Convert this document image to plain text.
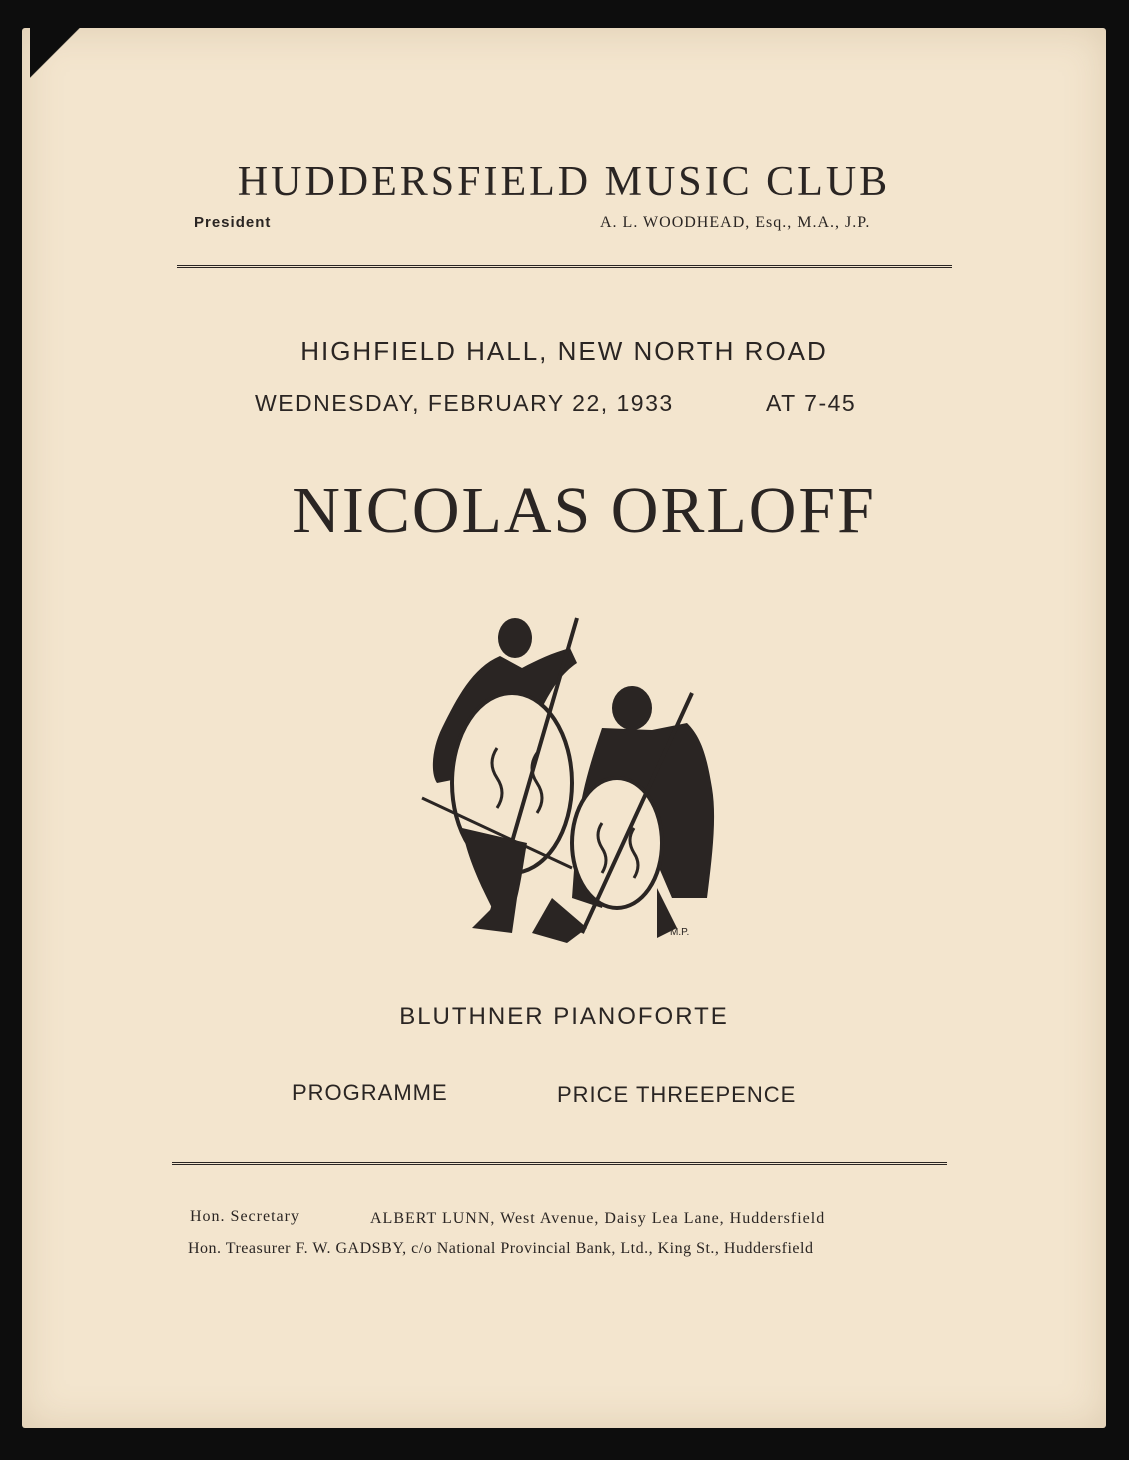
HUDDERSFIELD MUSIC CLUB
President	A. L. WOODHEAD, Esq., M.A., J.P.
HIGHFIELD HALL, NEW NORTH ROAD
WEDNESDAY, FEBRUARY 22, 1933	AT 7-45
NICOLAS ORLOFF
M.P.
BLUTHNER PIANOFORTE
PROGRAMME	PRICE THREEPENCE
Hon. Secretary	ALBERT LUNN, West Avenue, Daisy Lea Lane, Huddersfield
Hon. Treasurer F. W. GADSBY, c/o National Provincial Bank, Ltd., King St., Huddersfield
